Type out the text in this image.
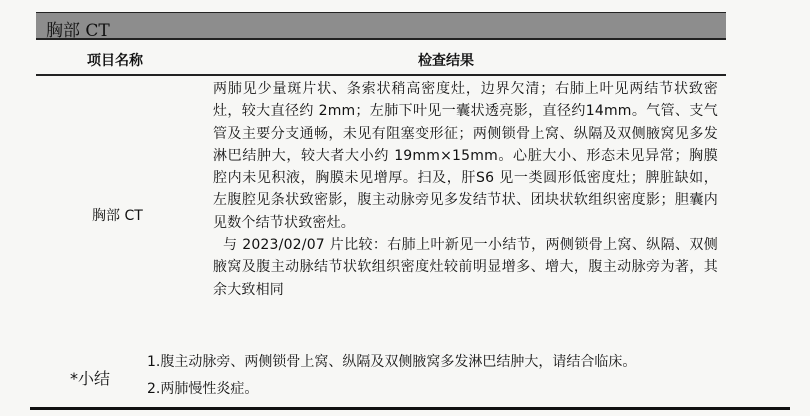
胸部 CT
项目名称	检查结果
胸部 CT

两肺见少量斑片状、条索状稍高密度灶，边界欠清；右肺上叶见两结节状致密灶，较大直径约 2mm；左肺下叶见一囊状透亮影，直径约14mm。气管、支气管及主要分支通畅，未见有阻塞变形征；两侧锁骨上窝、纵隔及双侧腋窝见多发淋巴结肿大，较大者大小约 19mm×15mm。心脏大小、形态未见异常；胸膜腔内未见积液，胸膜未见增厚。扫及，肝S6 见一类圆形低密度灶；脾脏缺如，左腹腔见条状致密影，腹主动脉旁见多发结节状、团块状软组织密度影；胆囊内见数个结节状致密灶。

与 2023/02/07 片比较：右肺上叶新见一小结节，两侧锁骨上窝、纵隔、双侧腋窝及腹主动脉结节状软组织密度灶较前明显增多、增大，腹主动脉旁为著，其余大致相同

*小结
1.腹主动脉旁、两侧锁骨上窝、纵隔及双侧腋窝多发淋巴结肿大，请结合临床。
2.两肺慢性炎症。
